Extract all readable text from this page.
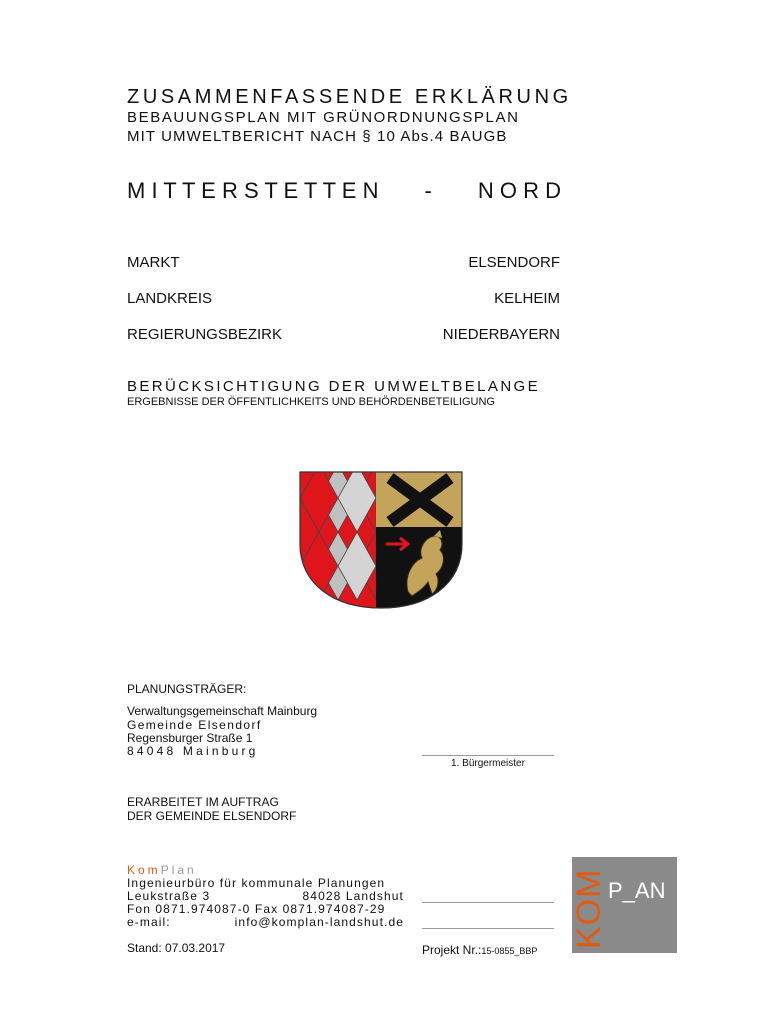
ZUSAMMENFASSENDE ERKLÄRUNG
BEBAUUNGSPLAN MIT GRÜNORDNUNGSPLAN
MIT UMWELTBERICHT NACH § 10 Abs.4 BAUGB
M I T T E R S T E T T E N - N O R D
MARKT	ELSENDORF
LANDKREIS	KELHEIM
REGIERUNGSBEZIRK	NIEDERBAYERN
BERÜCKSICHTIGUNG DER UMWELTBELANGE
ERGEBNISSE DER ÖFFENTLICHKEITS UND BEHÖRDENBETEILIGUNG
PLANUNGSTRÄGER:
Verwaltungsgemeinschaft Mainburg
Gemeinde Elsendorf
Regensburger Straße 1
84048 Mainburg
1. Bürgermeister
ERARBEITET IM AUFTRAG
DER GEMEINDE ELSENDORF
KomPlan
Ingenieurbüro für kommunale Planungen
Leukstraße 3	84028 Landshut
Fon 0871.974087-0 Fax 0871.974087-29
e-mail:	info@komplan-landshut.de
Stand: 07.03.2017	Projekt Nr.:15-0855_BBP
KOM P_AN
